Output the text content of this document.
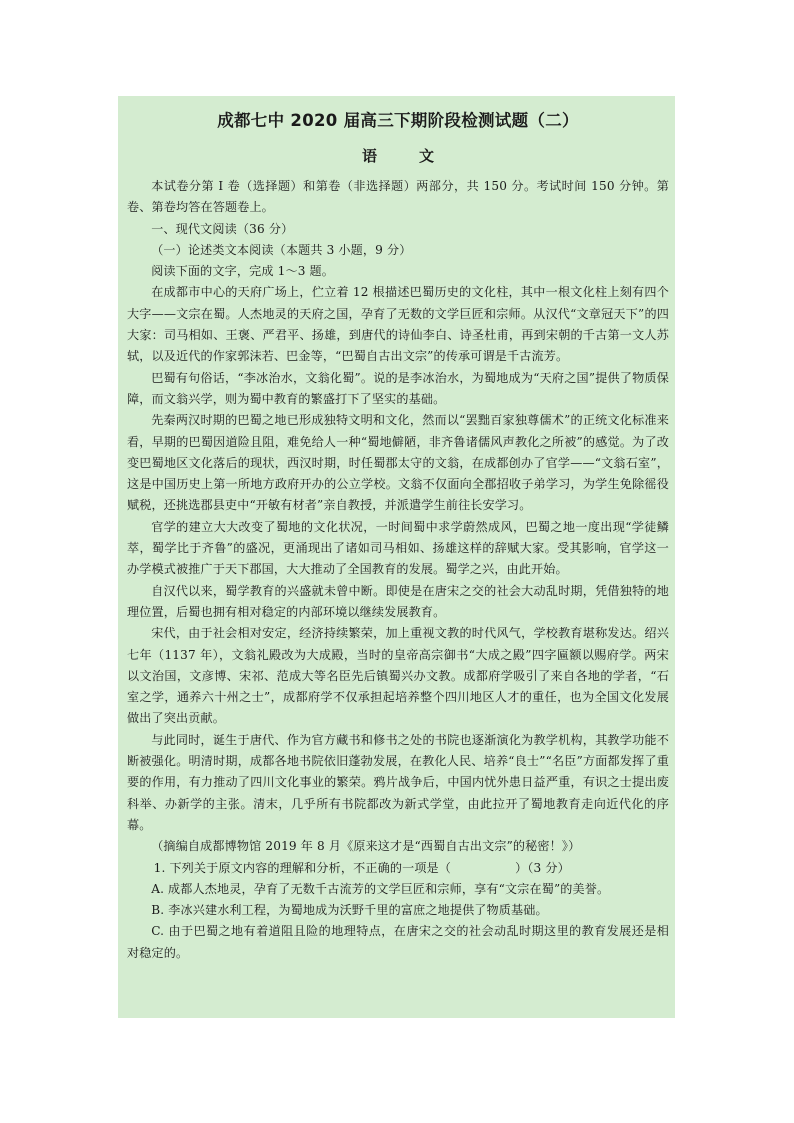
成都七中 2020 届高三下期阶段检测试题（二）
语	文

本试卷分第 I 卷（选择题）和第卷（非选择题）两部分，共 150 分。考试时间 150 分钟。第卷、第卷均答在答题卷上。

一、现代文阅读（36 分）

（一）论述类文本阅读（本题共 3 小题，9 分）

阅读下面的文字，完成 1～3 题。

在成都市中心的天府广场上，伫立着 12 根描述巴蜀历史的文化柱，其中一根文化柱上刻有四个大字——文宗在蜀。人杰地灵的天府之国，孕育了无数的文学巨匠和宗师。从汉代“文章冠天下”的四大家：司马相如、王褒、严君平、扬雄，到唐代的诗仙李白、诗圣杜甫，再到宋朝的千古第一文人苏轼，以及近代的作家郭沫若、巴金等，“巴蜀自古出文宗”的传承可谓是千古流芳。

巴蜀有句俗话，“李冰治水，文翁化蜀”。说的是李冰治水，为蜀地成为“天府之国”提供了物质保障，而文翁兴学，则为蜀中教育的繁盛打下了坚实的基础。

先秦两汉时期的巴蜀之地已形成独特文明和文化，然而以“罢黜百家独尊儒术”的正统文化标准来看，早期的巴蜀因道险且阻，难免给人一种“蜀地僻陋，非齐鲁诸儒风声教化之所被”的感觉。为了改变巴蜀地区文化落后的现状，西汉时期，时任蜀郡太守的文翁，在成都创办了官学——“文翁石室”，这是中国历史上第一所地方政府开办的公立学校。文翁不仅面向全郡招收子弟学习，为学生免除徭役赋税，还挑选郡县吏中“开敏有材者”亲自教授，并派遣学生前往长安学习。

官学的建立大大改变了蜀地的文化状况，一时间蜀中求学蔚然成风，巴蜀之地一度出现“学徒鳞萃，蜀学比于齐鲁”的盛况，更涌现出了诸如司马相如、扬雄这样的辞赋大家。受其影响，官学这一办学模式被推广于天下郡国，大大推动了全国教育的发展。蜀学之兴，由此开始。

自汉代以来，蜀学教育的兴盛就未曾中断。即使是在唐宋之交的社会大动乱时期，凭借独特的地理位置，后蜀也拥有相对稳定的内部环境以继续发展教育。

宋代，由于社会相对安定，经济持续繁荣，加上重视文教的时代风气，学校教育堪称发达。绍兴七年（1137 年），文翁礼殿改为大成殿，当时的皇帝高宗御书“大成之殿”四字匾额以赐府学。两宋以文治国，文彦博、宋祁、范成大等名臣先后镇蜀兴办文教。成都府学吸引了来自各地的学者，“石室之学，通养六十州之士”，成都府学不仅承担起培养整个四川地区人才的重任，也为全国文化发展做出了突出贡献。

与此同时，诞生于唐代、作为官方藏书和修书之处的书院也逐渐演化为教学机构，其教学功能不断被强化。明清时期，成都各地书院依旧蓬勃发展，在教化人民、培养“良士”“名臣”方面都发挥了重要的作用，有力推动了四川文化事业的繁荣。鸦片战争后，中国内忧外患日益严重，有识之士提出废科举、办新学的主张。清末，几乎所有书院都改为新式学堂，由此拉开了蜀地教育走向近代化的序幕。

（摘编自成都博物馆 2019 年 8 月《原来这才是“西蜀自古出文宗”的秘密！》）

1. 下列关于原文内容的理解和分析，不正确的一项是（	）（3 分）

A. 成都人杰地灵，孕育了无数千古流芳的文学巨匠和宗师，享有“文宗在蜀”的美誉。

B. 李冰兴建水利工程，为蜀地成为沃野千里的富庶之地提供了物质基础。

C. 由于巴蜀之地有着道阻且险的地理特点，在唐宋之交的社会动乱时期这里的教育发展还是相对稳定的。
